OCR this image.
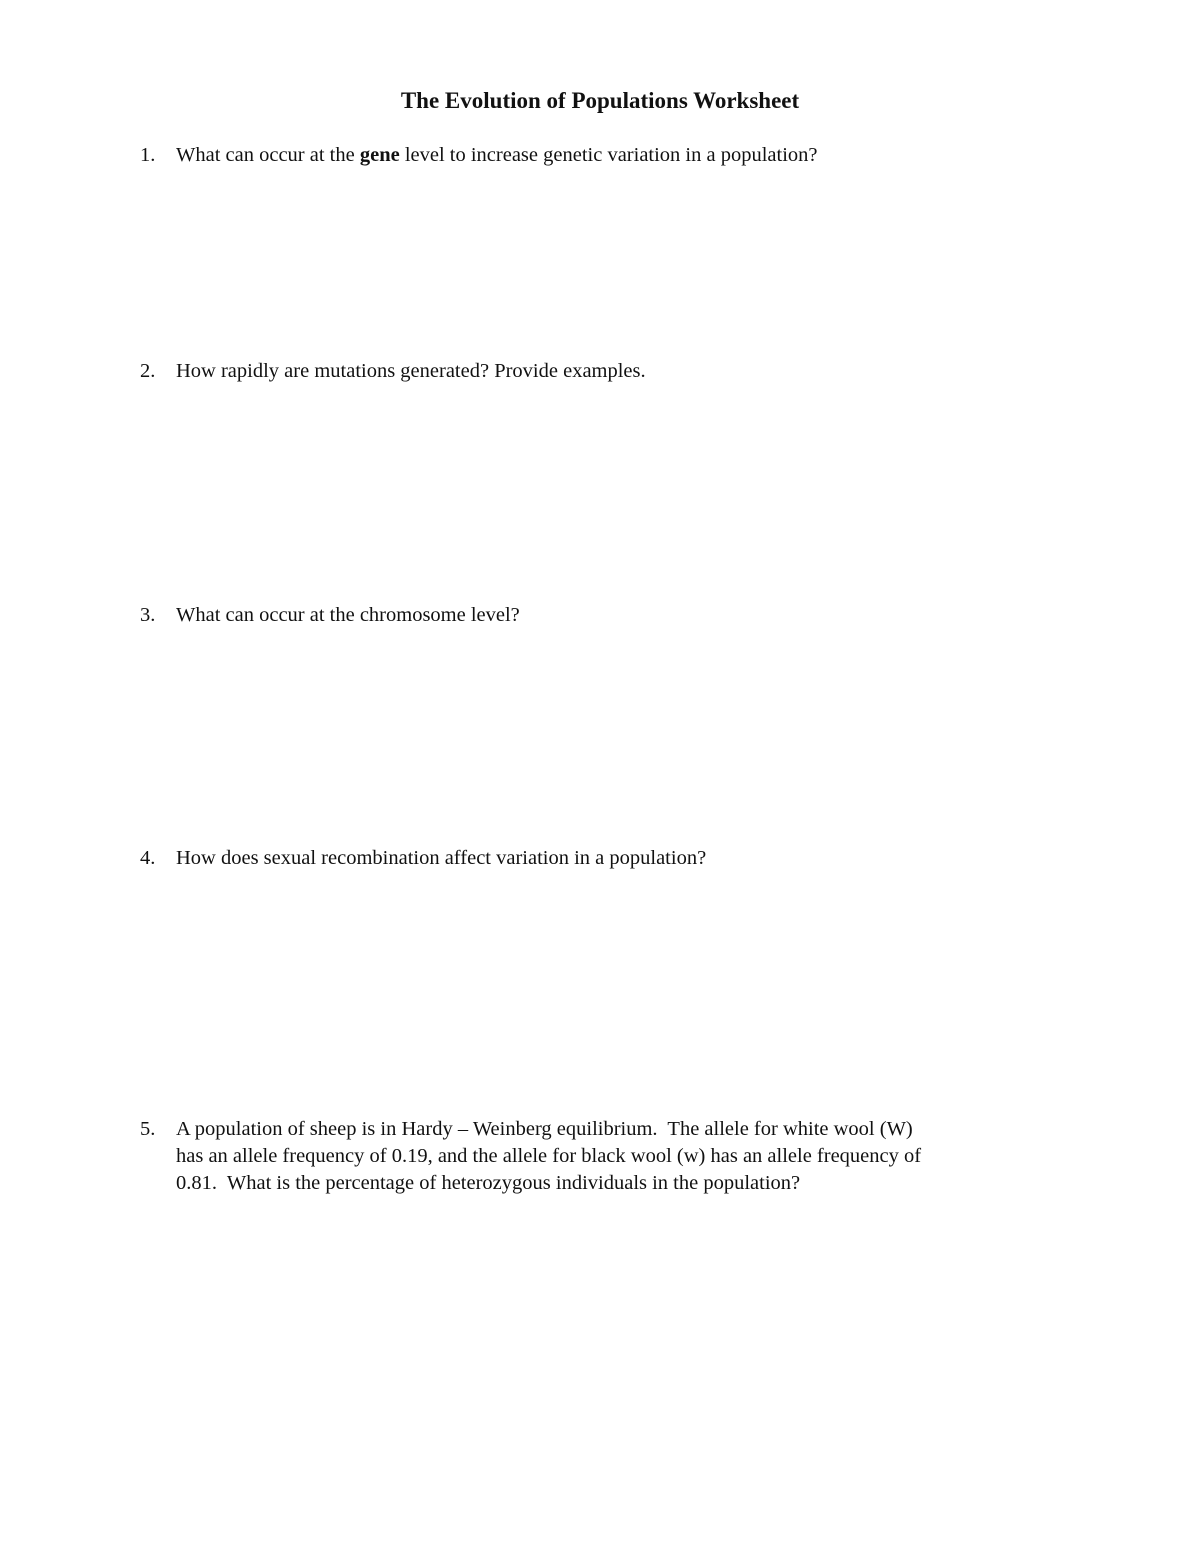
The Evolution of Populations Worksheet
1. What can occur at the gene level to increase genetic variation in a population?
2. How rapidly are mutations generated? Provide examples.
3. What can occur at the chromosome level?
4. How does sexual recombination affect variation in a population?
5. A population of sheep is in Hardy – Weinberg equilibrium.  The allele for white wool (W)
has an allele frequency of 0.19, and the allele for black wool (w) has an allele frequency of
0.81.  What is the percentage of heterozygous individuals in the population?
